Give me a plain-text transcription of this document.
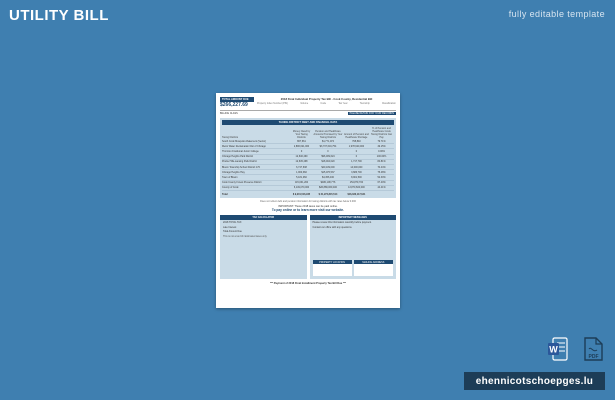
UTILITY BILL	fully editable template
TOTAL AMOUNT DUE
$266,227.69
2018 Final Individual Property Tax Bill - Cook County, Residential Bill
Property Index Number (PIN)	Volume	Code	Tax Year	Township	Classification
BILLING CLASS	PLEASE RETAIN FOR YOUR RECORDS
TAXING DISTRICT DEBT AND FINANCIAL DATA
Taxing Districts	Money Owed by Your Taxing Districts	Pension and Healthcare Amounts Promised by Your Taxing Districts	Amount of Pension and Healthcare Shortage	% of Pension and Healthcare Costs Taxing Districts Can Pay
South Cook Mosquito Abatement (Vector)	867,661	$1,771,074	768,840	79.71%
Metro Water Reclamation Dist of Chicago	2,896,621,000	$3,737,619,754	1,978,620,000	49.15%
Thornton Fractional Junior College	0	0	0	0.00%
Chicago Heights Park District	12,646,490	$96,009,624	0	100.00%
Prairie Hills-Lansing Park District	12,645,498	$18,004,020	1,717,700	84.81%
Bloom Township School District 170	6,747,638	$40,109,000	14,000,000	70.44%
Chicago Heights Hwy	1,960,382	$15,076,537	3,686,700	75.48%
Town of Bloom	5,181,060	$4,456,430	8,901,500	52.30%
Cook County Forest Preserve District	115,061,200	$480,108,776	154,879,700	67.40%
County of Cook	6,149,070,000	$26,889,069,400	13,870,600,000	44.41%
Total	$ 9,201,516,945	$ 31,272,815,514	$16,023,117,641	
Does not reflect debt and pension information for taxing districts with tax rates below 0.000
IMPORTANT: These 2018 taxes can be paid online.
To pay online or to learn more visit our website.
TAX CALCULATOR
2018 TOTAL TAX
Late Interest
Total Amount Due
This is not a tax bill. Estimated taxes only.
IMPORTANT MESSAGES
Please review this information carefully before payment.
Contact our office with any questions.
PROPERTY LOCATION	MAILING ADDRESS
*** Payment of 2018 Final Installment Property Tax Bill Due ***
W
PDF
ehennicotschoepges.lu
